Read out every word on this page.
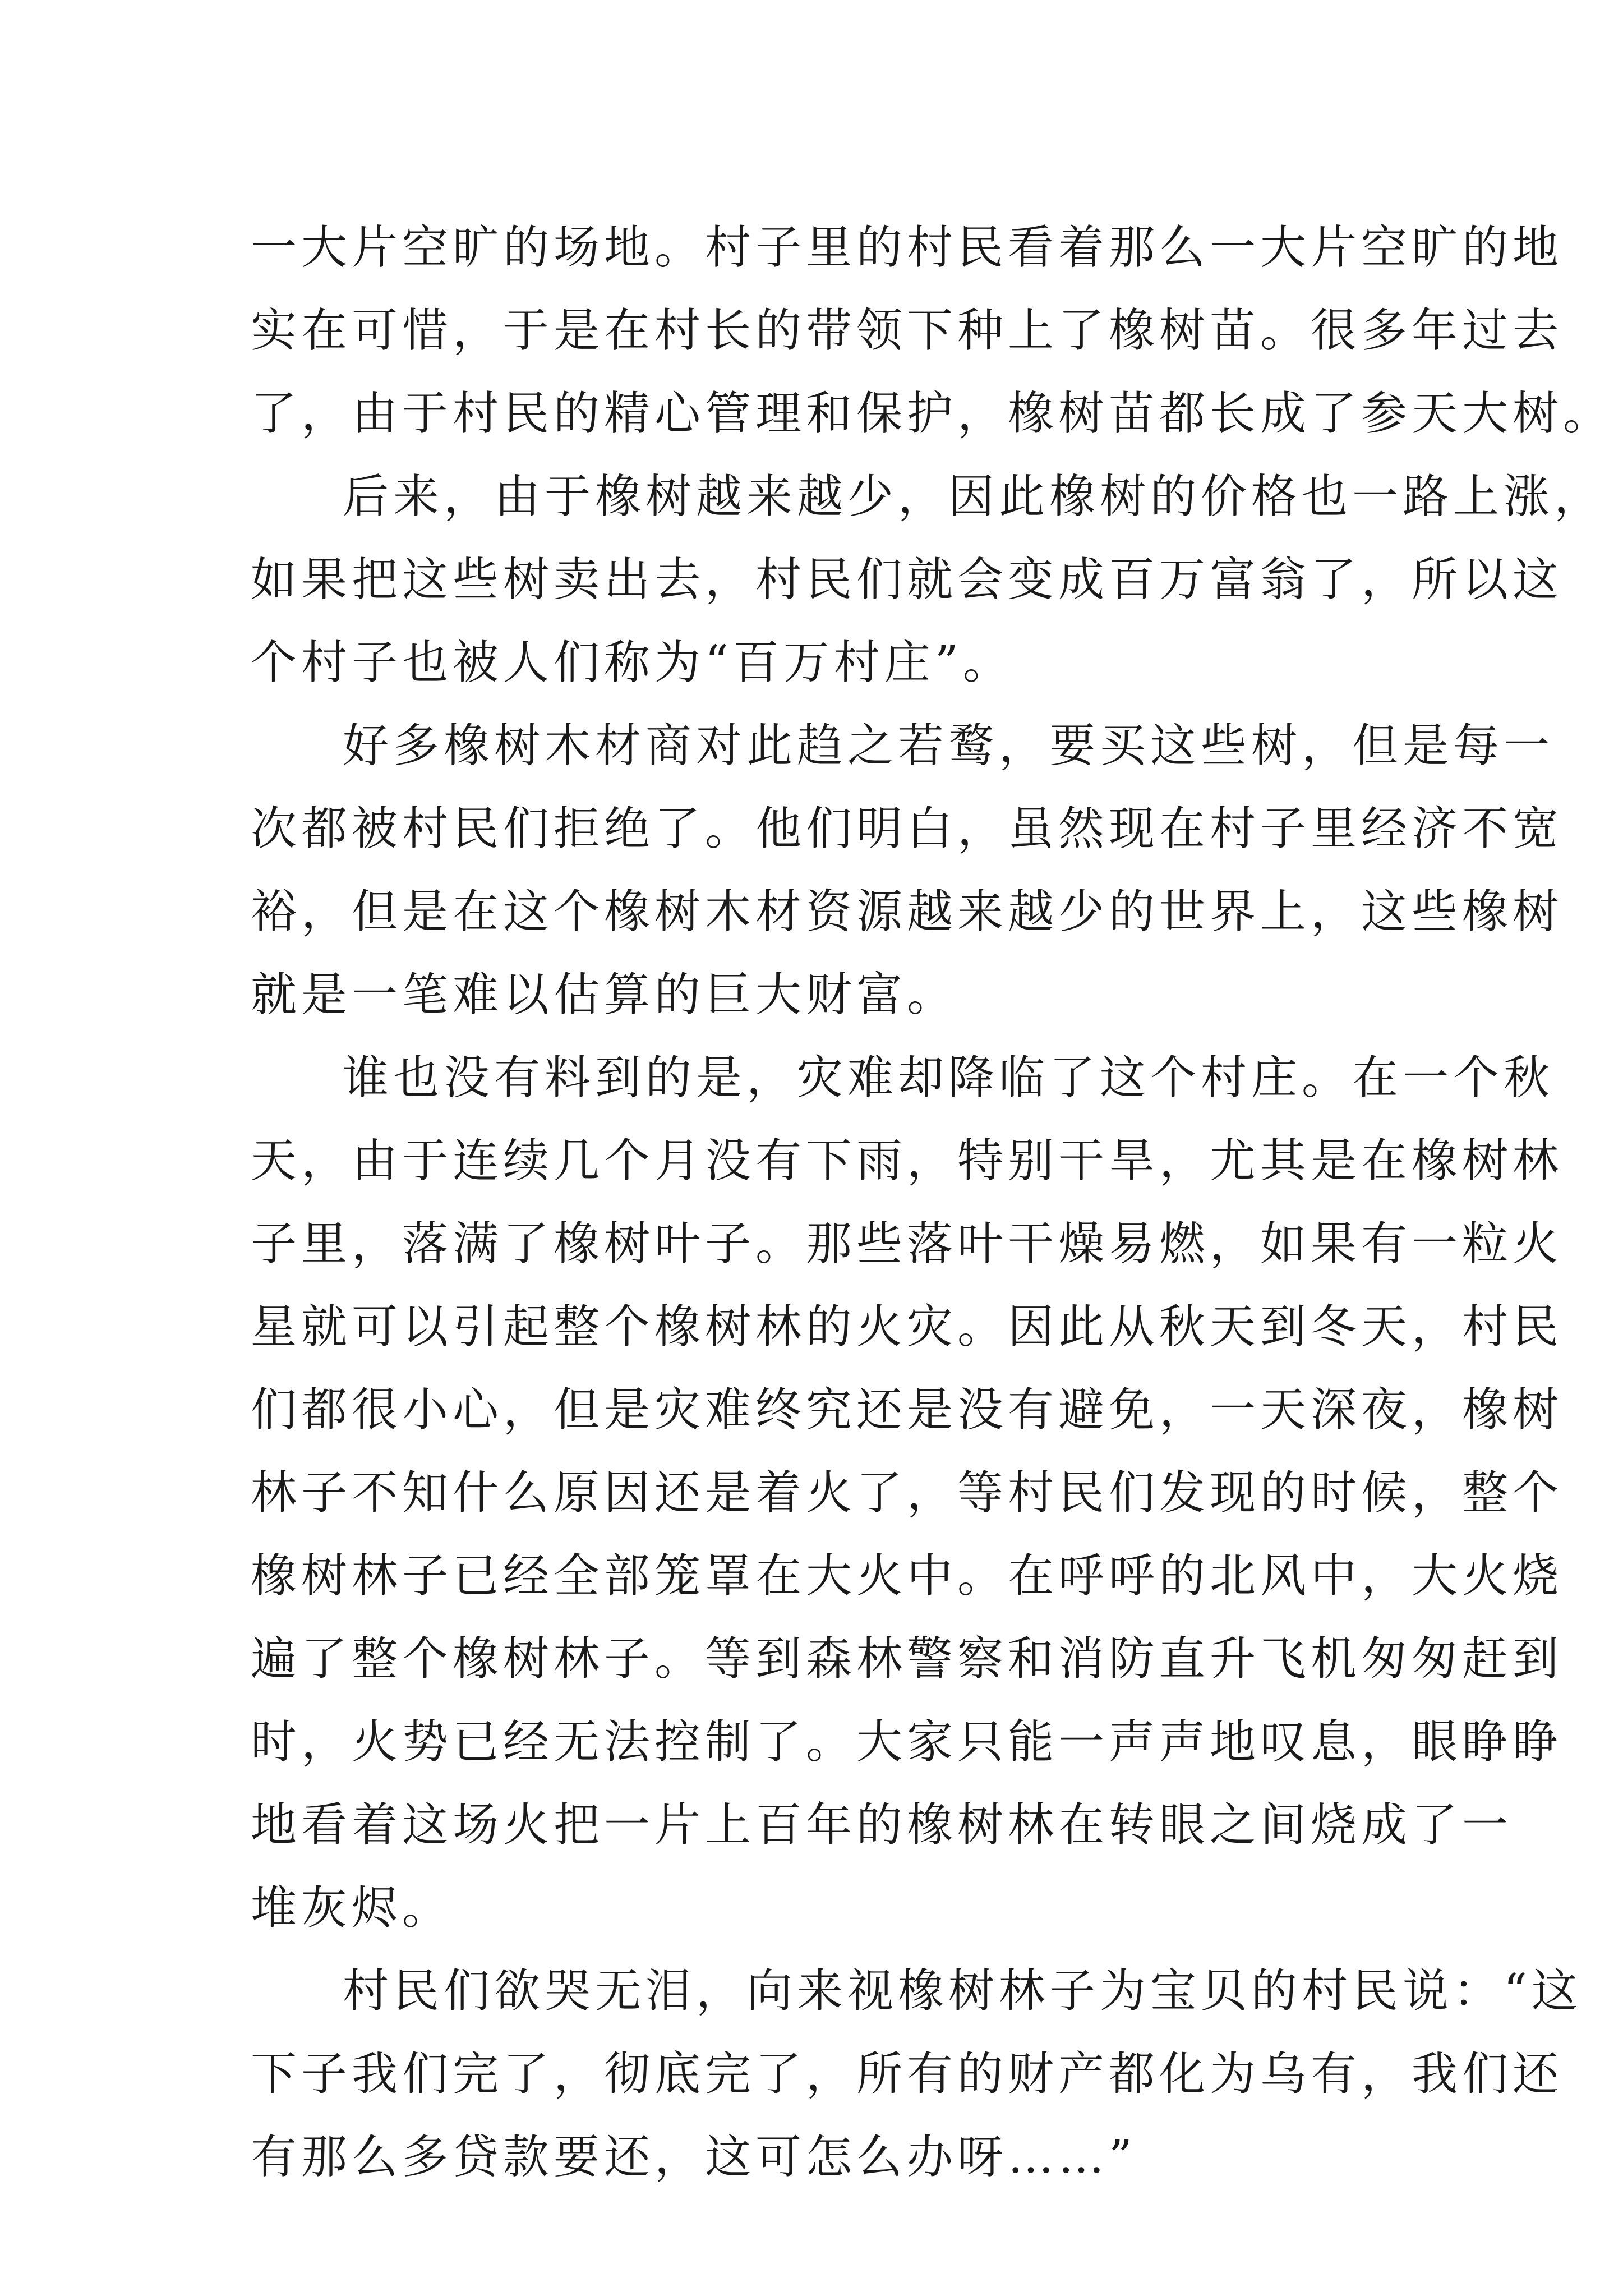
一大片空旷的场地。村子里的村民看着那么一大片空旷的地
实在可惜，于是在村长的带领下种上了橡树苗。很多年过去
了，由于村民的精心管理和保护，橡树苗都长成了参天大树。
后来，由于橡树越来越少，因此橡树的价格也一路上涨，
如果把这些树卖出去，村民们就会变成百万富翁了，所以这
个村子也被人们称为“百万村庄”。
好多橡树木材商对此趋之若鹜，要买这些树，但是每一
次都被村民们拒绝了。他们明白，虽然现在村子里经济不宽
裕，但是在这个橡树木材资源越来越少的世界上，这些橡树
就是一笔难以估算的巨大财富。
谁也没有料到的是，灾难却降临了这个村庄。在一个秋
天，由于连续几个月没有下雨，特别干旱，尤其是在橡树林
子里，落满了橡树叶子。那些落叶干燥易燃，如果有一粒火
星就可以引起整个橡树林的火灾。因此从秋天到冬天，村民
们都很小心，但是灾难终究还是没有避免，一天深夜，橡树
林子不知什么原因还是着火了，等村民们发现的时候，整个
橡树林子已经全部笼罩在大火中。在呼呼的北风中，大火烧
遍了整个橡树林子。等到森林警察和消防直升飞机匆匆赶到
时，火势已经无法控制了。大家只能一声声地叹息，眼睁睁
地看着这场火把一片上百年的橡树林在转眼之间烧成了一
堆灰烬。
村民们欲哭无泪，向来视橡树林子为宝贝的村民说：“这
下子我们完了，彻底完了，所有的财产都化为乌有，我们还
有那么多贷款要还，这可怎么办呀……”
